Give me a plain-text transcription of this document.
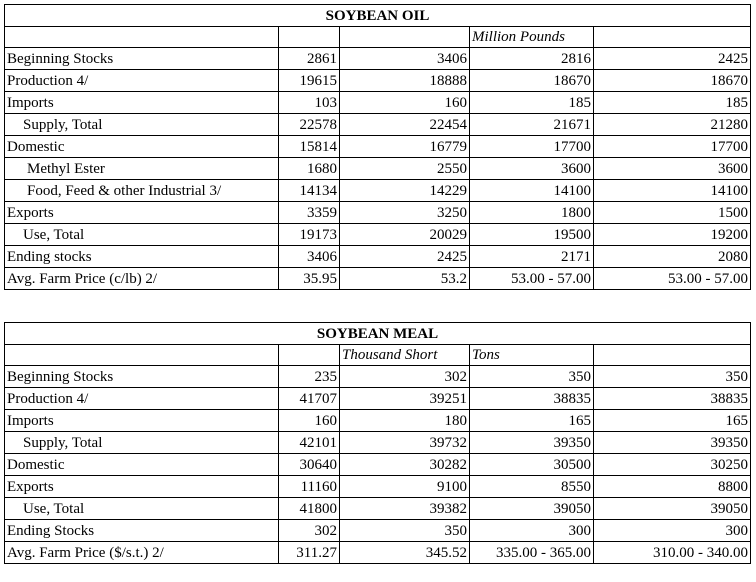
SOYBEAN OIL				
			Million Pounds	
Beginning Stocks	2861	3406	2816	2425
Production 4/	19615	18888	18670	18670
Imports	103	160	185	185
Supply, Total	22578	22454	21671	21280
Domestic	15814	16779	17700	17700
Methyl Ester	1680	2550	3600	3600
Food, Feed & other Industrial 3/	14134	14229	14100	14100
Exports	3359	3250	1800	1500
Use, Total	19173	20029	19500	19200
Ending stocks	3406	2425	2171	2080
Avg. Farm Price (c/lb) 2/	35.95	53.2	53.00 - 57.00	53.00 - 57.00
SOYBEAN MEAL				
		Thousand Short	Tons	
Beginning Stocks	235	302	350	350
Production 4/	41707	39251	38835	38835
Imports	160	180	165	165
Supply, Total	42101	39732	39350	39350
Domestic	30640	30282	30500	30250
Exports	11160	9100	8550	8800
Use, Total	41800	39382	39050	39050
Ending Stocks	302	350	300	300
Avg. Farm Price ($/s.t.) 2/	311.27	345.52	335.00 - 365.00	310.00 - 340.00
